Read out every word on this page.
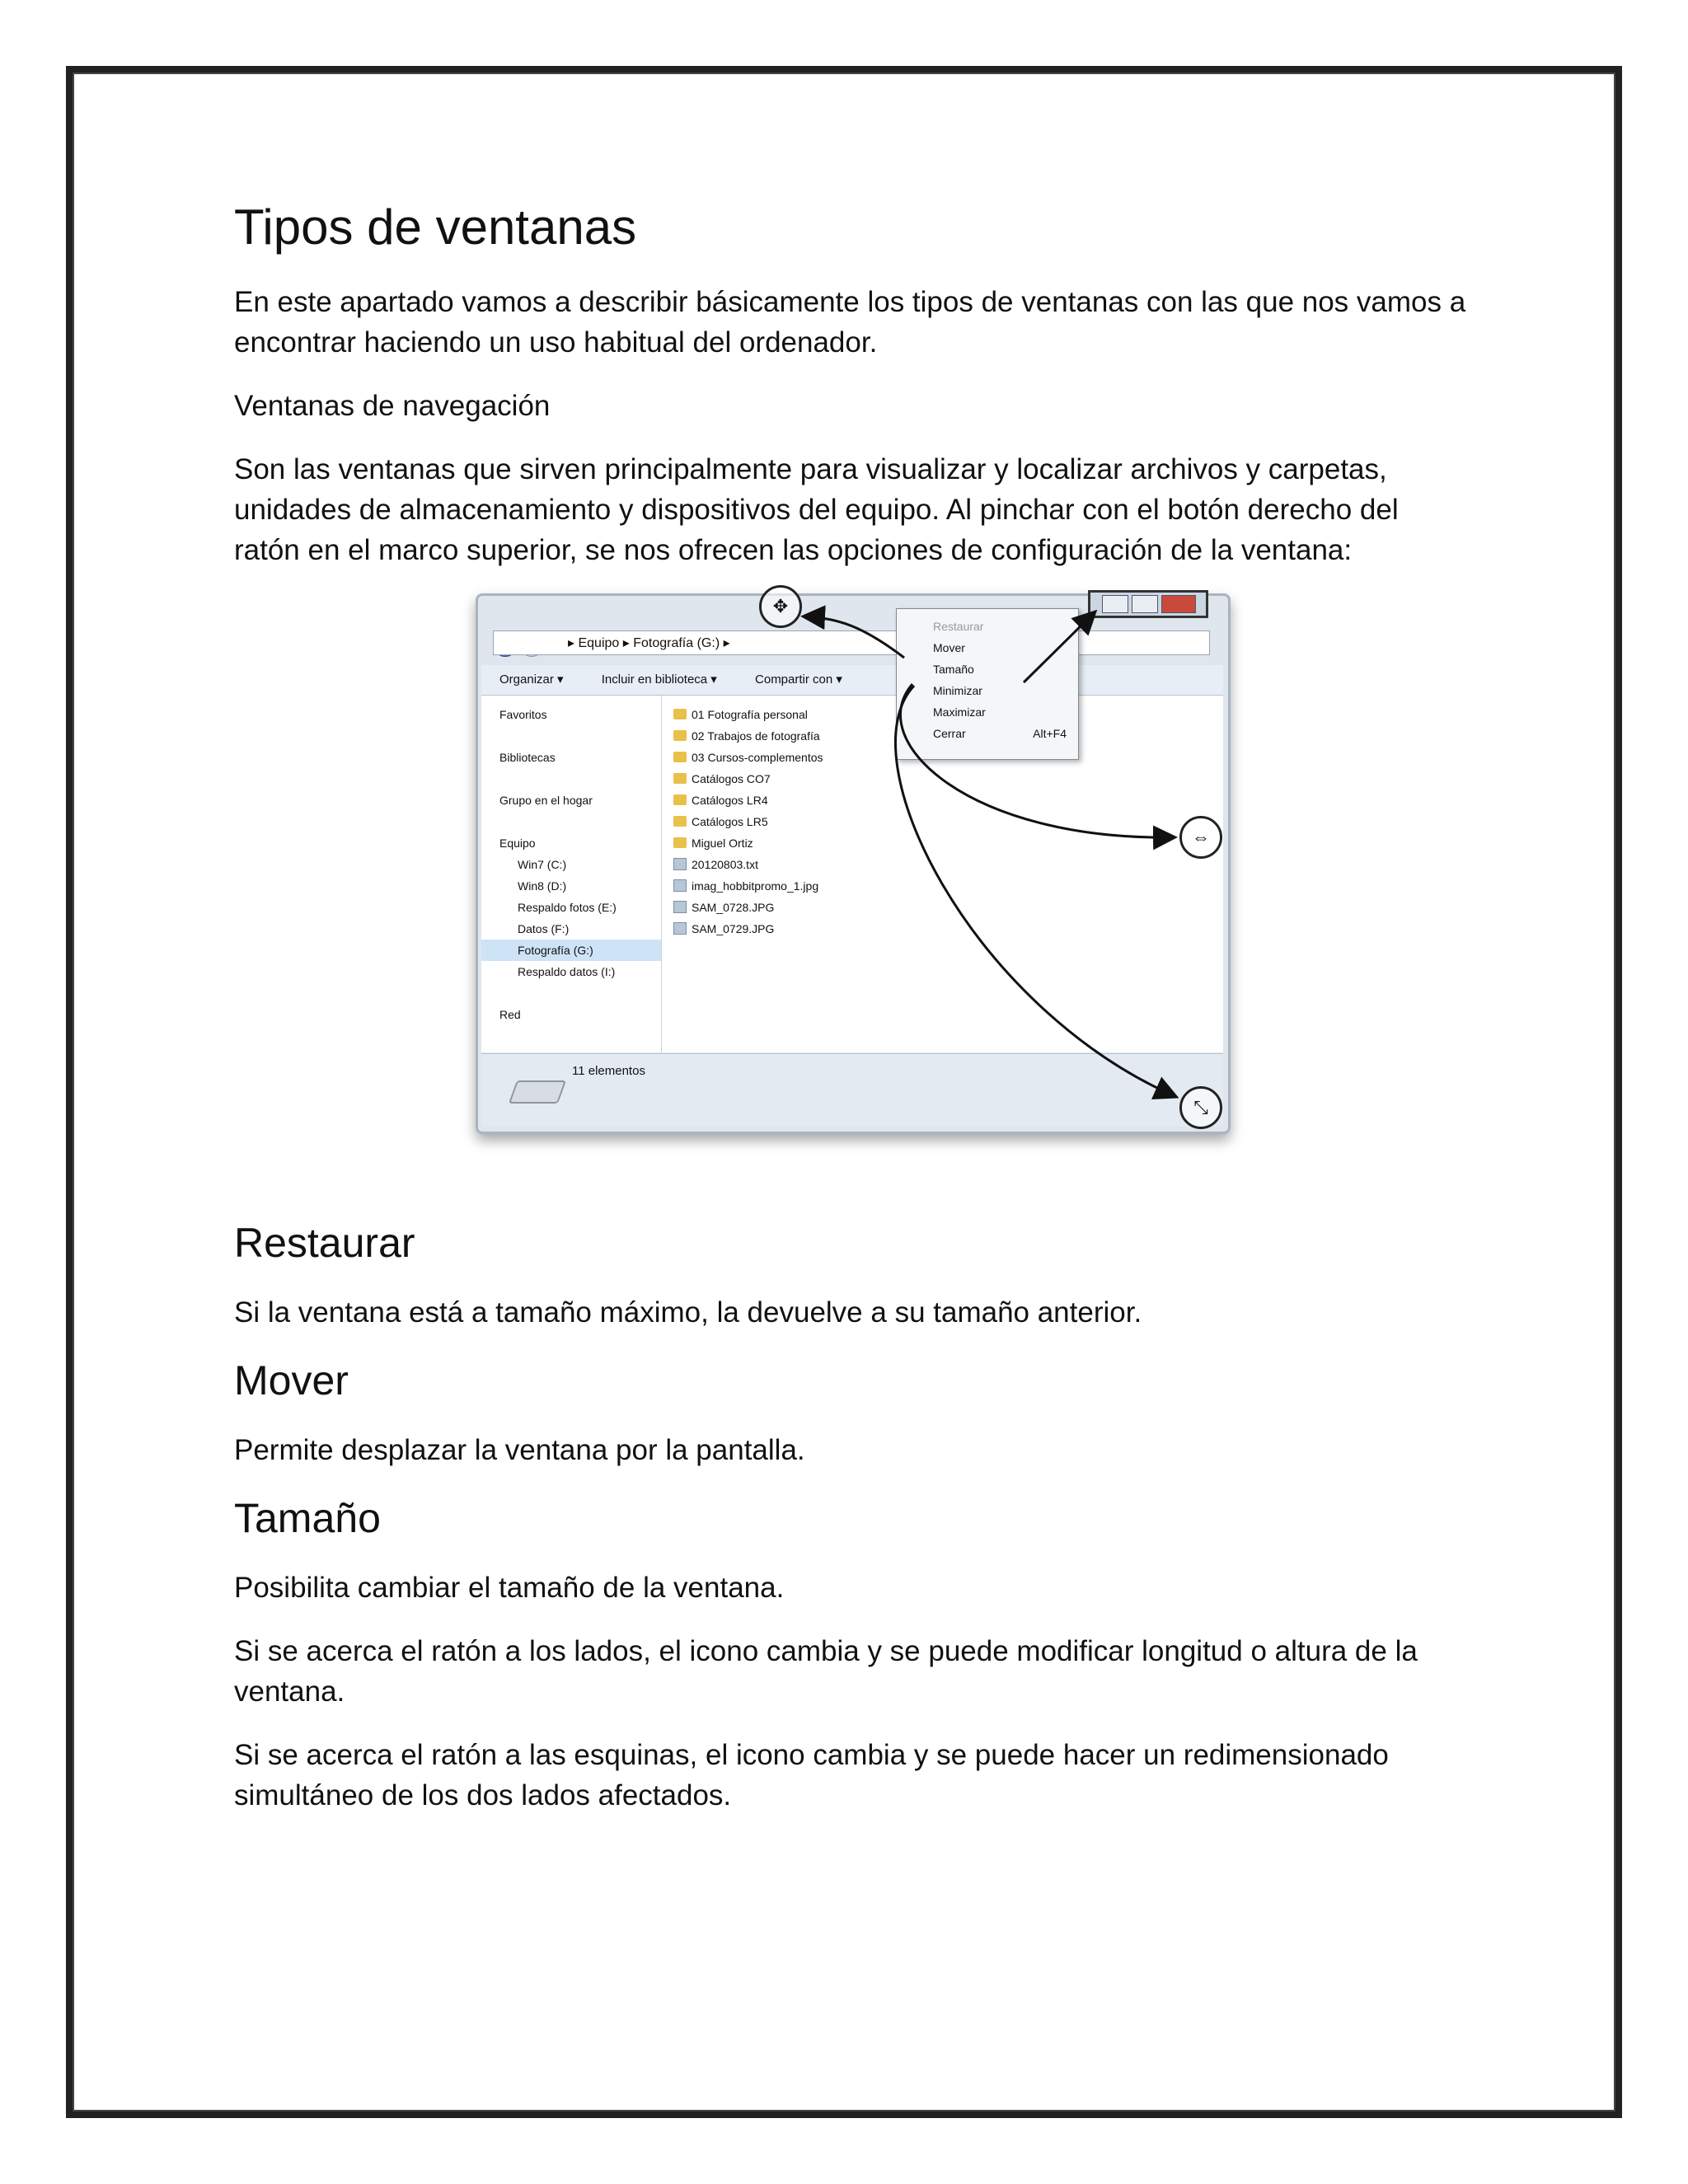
Tipos de ventanas

En este apartado vamos a describir básicamente los tipos de ventanas con las que nos vamos a encontrar haciendo un uso habitual del ordenador.

Ventanas de navegación

Son las ventanas que sirven principalmente para visualizar y localizar archivos y carpetas, unidades de almacenamiento y dispositivos del equipo. Al pinchar con el botón derecho del ratón en el marco superior, se nos ofrecen las opciones de configuración de la ventana:

▸ Equipo ▸ Fotografía (G:) ▸
Organizar ▾	Incluir en biblioteca ▾	Compartir con ▾
Favoritos
Bibliotecas
Grupo en el hogar
Equipo
Win7 (C:)
Win8 (D:)
Respaldo fotos (E:)
Datos (F:)
Fotografía (G:)
Respaldo datos (I:)
Red
01 Fotografía personal
02 Trabajos de fotografía
03 Cursos-complementos
Catálogos CO7
Catálogos LR4
Catálogos LR5
Miguel Ortiz
20120803.txt
imag_hobbitpromo_1.jpg
SAM_0728.JPG
SAM_0729.JPG
11 elementos
Restaurar
Mover
Tamaño
Minimizar
Maximizar
Cerrar	Alt+F4
✥
⇔
⤡
Restaurar

Si la ventana está a tamaño máximo, la devuelve a su tamaño anterior.

Mover

Permite desplazar la ventana por la pantalla.

Tamaño

Posibilita cambiar el tamaño de la ventana.

Si se acerca el ratón a los lados, el icono cambia y se puede modificar longitud o altura de la ventana.

Si se acerca el ratón a las esquinas, el icono cambia y se puede hacer un redimensionado simultáneo de los dos lados afectados.
